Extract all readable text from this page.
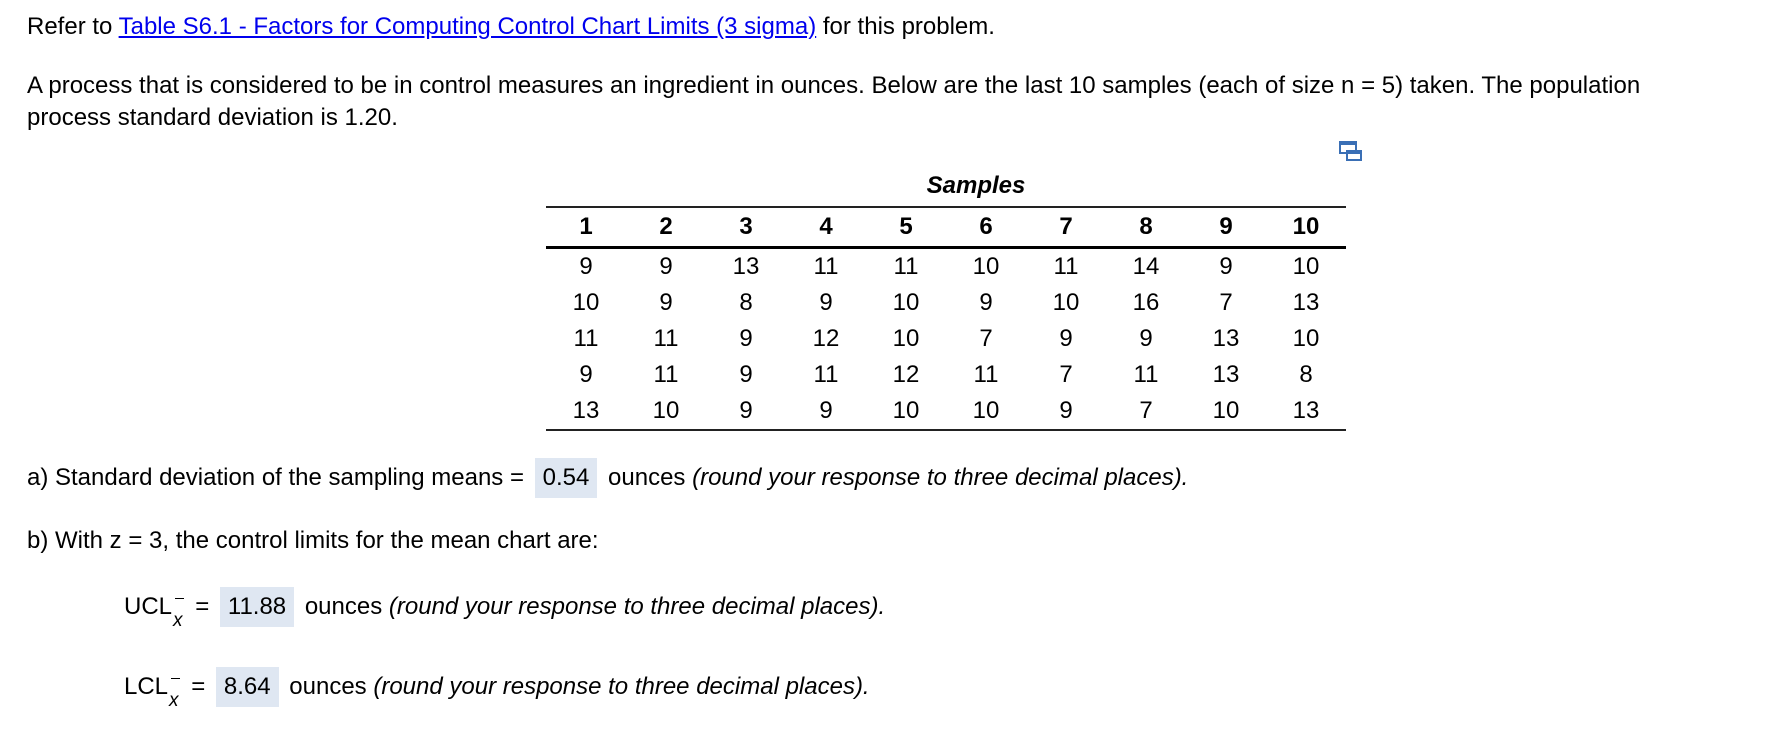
Refer to Table S6.1 - Factors for Computing Control Chart Limits (3 sigma) for this problem.
A process that is considered to be in control measures an ingredient in ounces. Below are the last 10 samples (each of size n = 5) taken. The population
process standard deviation is 1.20.
Samples
1	2	3	4	5	6	7	8	9	10
9	9	13	11	11	10	11	14	9	10
10	9	8	9	10	9	10	16	7	13
11	11	9	12	10	7	9	9	13	10
9	11	9	11	12	11	7	11	13	8
13	10	9	9	10	10	9	7	10	13
a) Standard deviation of the sampling means = 0.54 ounces (round your response to three decimal places).
b) With z = 3, the control limits for the mean chart are:
UCL
x = 11.88 ounces (round your response to three decimal places).
LCL
x = 8.64 ounces (round your response to three decimal places).
